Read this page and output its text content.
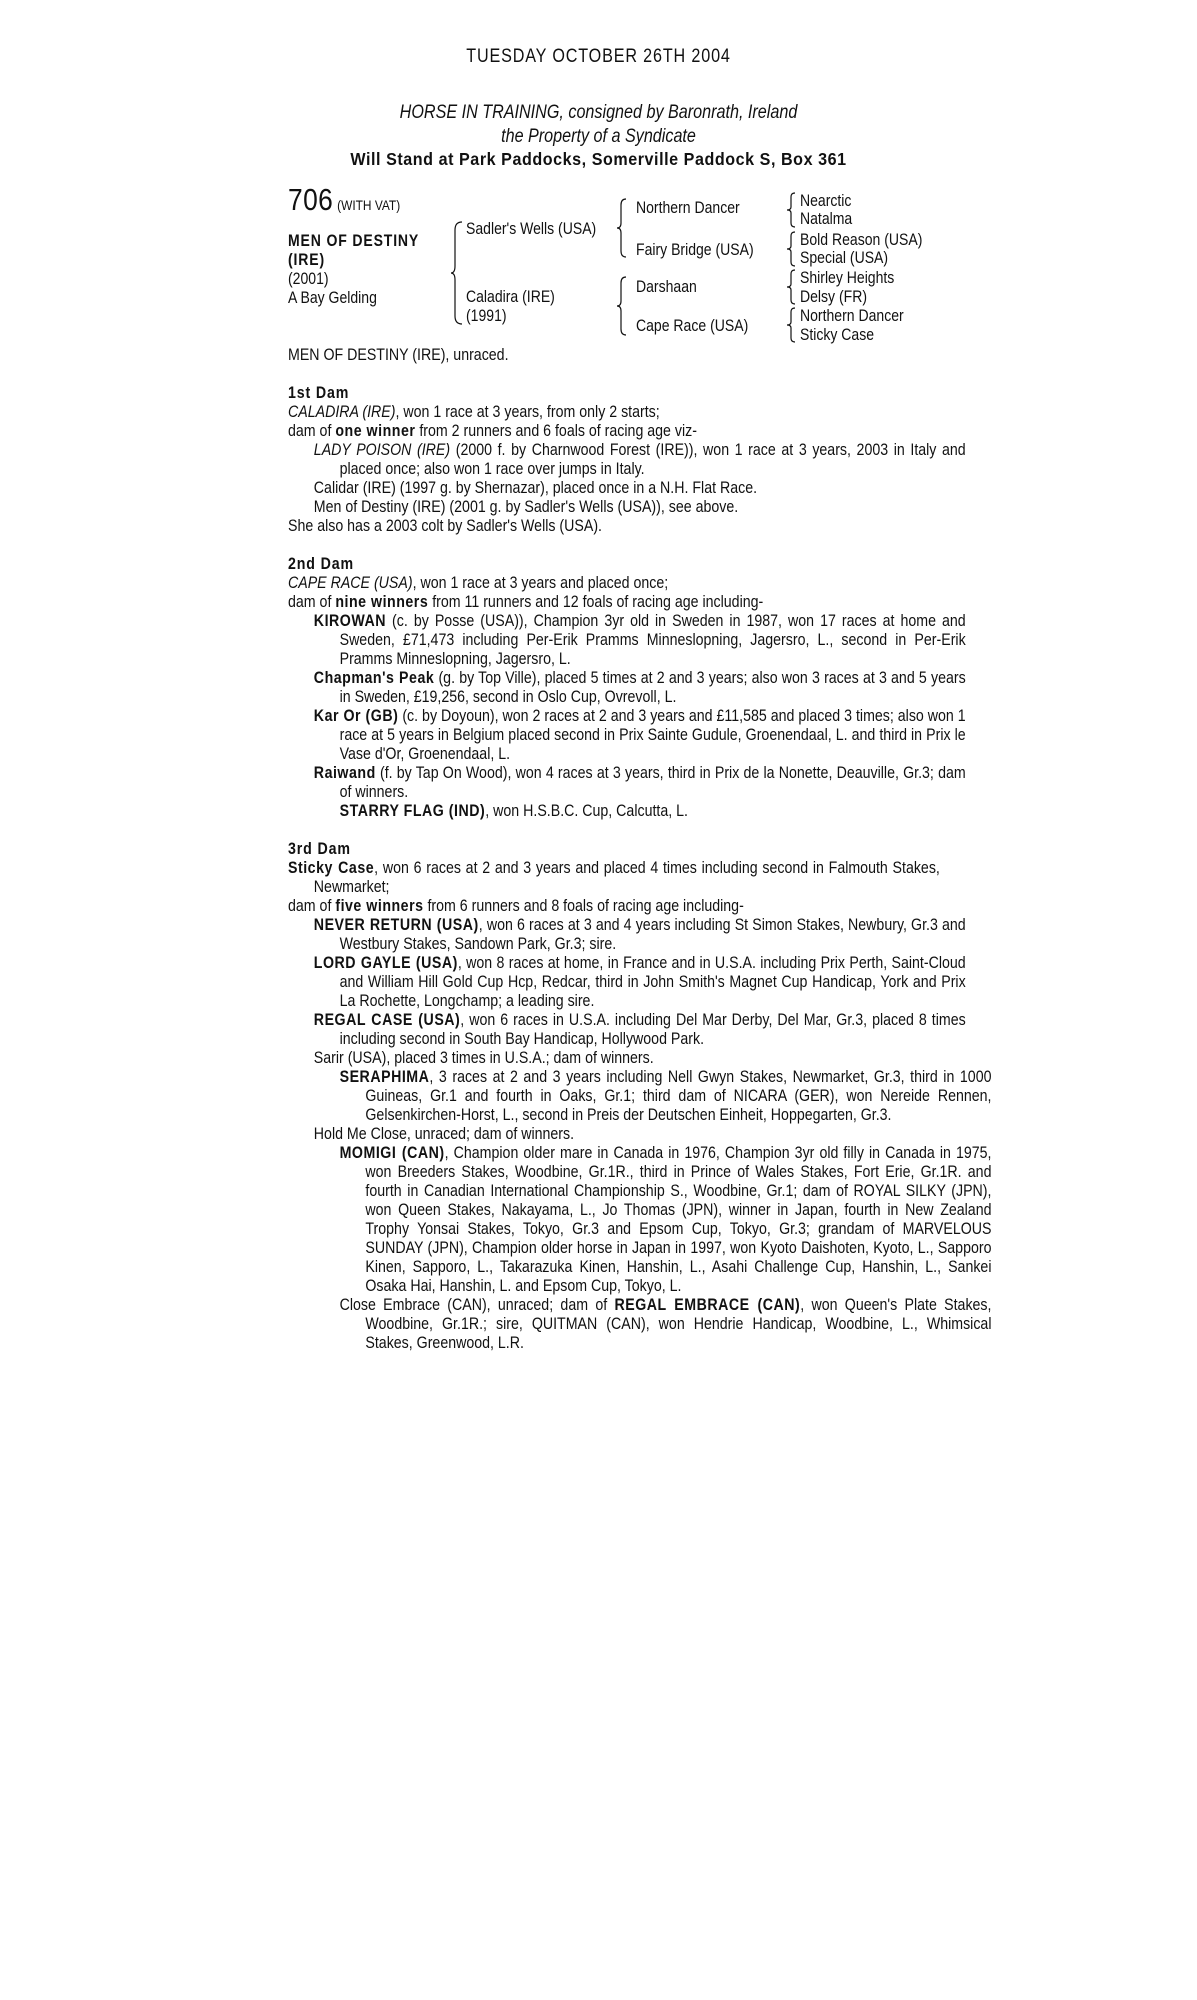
TUESDAY OCTOBER 26TH 2004
HORSE IN TRAINING, consigned by Baronrath, Ireland
the Property of a Syndicate
Will Stand at Park Paddocks, Somerville Paddock S, Box 361
706 (WITH VAT)
MEN OF DESTINY
(IRE)
(2001)
A Bay Gelding
Sadler's Wells (USA)
Caladira (IRE)
(1991)
Northern Dancer
Fairy Bridge (USA)
Darshaan
Cape Race (USA)
Nearctic
Natalma
Bold Reason (USA)
Special (USA)
Shirley Heights
Delsy (FR)
Northern Dancer
Sticky Case

MEN OF DESTINY (IRE), unraced.

1st Dam

CALADIRA (IRE), won 1 race at 3 years, from only 2 starts;

dam of one winner from 2 runners and 6 foals of racing age viz-

LADY POISON (IRE) (2000 f. by Charnwood Forest (IRE)), won 1 race at 3 years, 2003 in Italy and placed once; also won 1 race over jumps in Italy.

Calidar (IRE) (1997 g. by Shernazar), placed once in a N.H. Flat Race.

Men of Destiny (IRE) (2001 g. by Sadler's Wells (USA)), see above.

She also has a 2003 colt by Sadler's Wells (USA).

2nd Dam

CAPE RACE (USA), won 1 race at 3 years and placed once;

dam of nine winners from 11 runners and 12 foals of racing age including-

KIROWAN (c. by Posse (USA)), Champion 3yr old in Sweden in 1987, won 17 races at home and Sweden, £71,473 including Per-Erik Pramms Minneslopning, Jagersro, L., second in Per-Erik Pramms Minneslopning, Jagersro, L.

Chapman's Peak (g. by Top Ville), placed 5 times at 2 and 3 years; also won 3 races at 3 and 5 years in Sweden, £19,256, second in Oslo Cup, Ovrevoll, L.

Kar Or (GB) (c. by Doyoun), won 2 races at 2 and 3 years and £11,585 and placed 3 times; also won 1 race at 5 years in Belgium placed second in Prix Sainte Gudule, Groenendaal, L. and third in Prix le Vase d'Or, Groenendaal, L.

Raiwand (f. by Tap On Wood), won 4 races at 3 years, third in Prix de la Nonette, Deauville, Gr.3; dam of winners.

STARRY FLAG (IND), won H.S.B.C. Cup, Calcutta, L.

3rd Dam

Sticky Case, won 6 races at 2 and 3 years and placed 4 times including second in Falmouth Stakes, Newmarket;

dam of five winners from 6 runners and 8 foals of racing age including-

NEVER RETURN (USA), won 6 races at 3 and 4 years including St Simon Stakes, Newbury, Gr.3 and Westbury Stakes, Sandown Park, Gr.3; sire.

LORD GAYLE (USA), won 8 races at home, in France and in U.S.A. including Prix Perth, Saint-Cloud and William Hill Gold Cup Hcp, Redcar, third in John Smith's Magnet Cup Handicap, York and Prix La Rochette, Longchamp; a leading sire.

REGAL CASE (USA), won 6 races in U.S.A. including Del Mar Derby, Del Mar, Gr.3, placed 8 times including second in South Bay Handicap, Hollywood Park.

Sarir (USA), placed 3 times in U.S.A.; dam of winners.

SERAPHIMA, 3 races at 2 and 3 years including Nell Gwyn Stakes, Newmarket, Gr.3, third in 1000 Guineas, Gr.1 and fourth in Oaks, Gr.1; third dam of NICARA (GER), won Nereide Rennen, Gelsenkirchen-Horst, L., second in Preis der Deutschen Einheit, Hoppegarten, Gr.3.

Hold Me Close, unraced; dam of winners.

MOMIGI (CAN), Champion older mare in Canada in 1976, Champion 3yr old filly in Canada in 1975, won Breeders Stakes, Woodbine, Gr.1R., third in Prince of Wales Stakes, Fort Erie, Gr.1R. and fourth in Canadian International Championship S., Woodbine, Gr.1; dam of ROYAL SILKY (JPN), won Queen Stakes, Nakayama, L., Jo Thomas (JPN), winner in Japan, fourth in New Zealand Trophy Yonsai Stakes, Tokyo, Gr.3 and Epsom Cup, Tokyo, Gr.3; grandam of MARVELOUS SUNDAY (JPN), Champion older horse in Japan in 1997, won Kyoto Daishoten, Kyoto, L., Sapporo Kinen, Sapporo, L., Takarazuka Kinen, Hanshin, L., Asahi Challenge Cup, Hanshin, L., Sankei Osaka Hai, Hanshin, L. and Epsom Cup, Tokyo, L.

Close Embrace (CAN), unraced; dam of REGAL EMBRACE (CAN), won Queen's Plate Stakes, Woodbine, Gr.1R.; sire, QUITMAN (CAN), won Hendrie Handicap, Woodbine, L., Whimsical Stakes, Greenwood, L.R.
